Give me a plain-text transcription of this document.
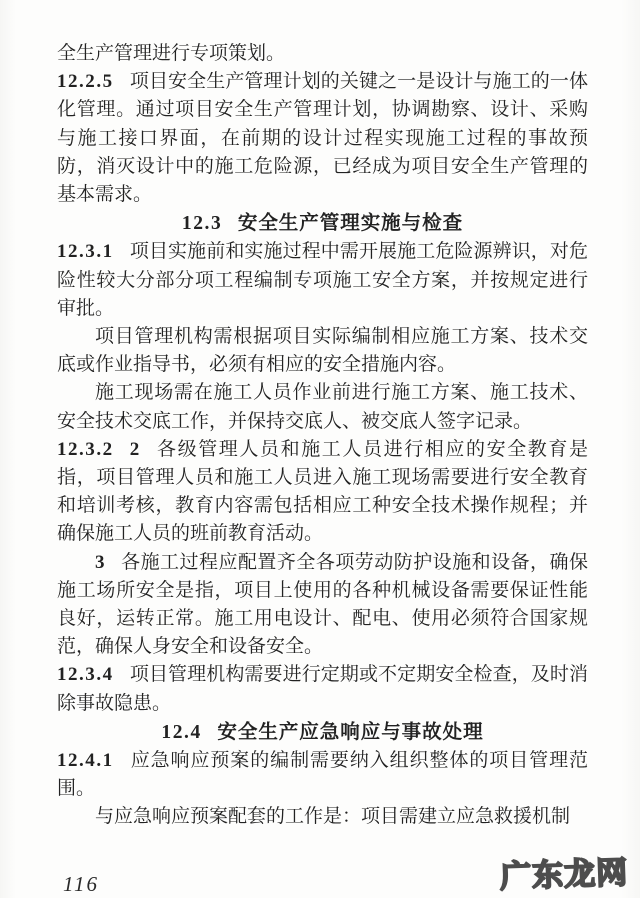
全生产管理进行专项策划。

12.2.5 项目安全生产管理计划的关键之一是设计与施工的一体化管理。通过项目安全生产管理计划，协调勘察、设计、采购与施工接口界面，在前期的设计过程实现施工过程的事故预防，消灭设计中的施工危险源，已经成为项目安全生产管理的基本需求。

12.3 安全生产管理实施与检查

12.3.1 项目实施前和实施过程中需开展施工危险源辨识，对危险性较大分部分项工程编制专项施工安全方案，并按规定进行审批。

项目管理机构需根据项目实际编制相应施工方案、技术交底或作业指导书，必须有相应的安全措施内容。

施工现场需在施工人员作业前进行施工方案、施工技术、安全技术交底工作，并保持交底人、被交底人签字记录。

12.3.2 2 各级管理人员和施工人员进行相应的安全教育是指，项目管理人员和施工人员进入施工现场需要进行安全教育和培训考核，教育内容需包括相应工种安全技术操作规程；并确保施工人员的班前教育活动。

3 各施工过程应配置齐全各项劳动防护设施和设备，确保施工场所安全是指，项目上使用的各种机械设备需要保证性能良好，运转正常。施工用电设计、配电、使用必须符合国家规范，确保人身安全和设备安全。

12.3.4 项目管理机构需要进行定期或不定期安全检查，及时消除事故隐患。

12.4 安全生产应急响应与事故处理

12.4.1 应急响应预案的编制需要纳入组织整体的项目管理范围。

与应急响应预案配套的工作是：项目需建立应急救援机制

116	广东龙网
